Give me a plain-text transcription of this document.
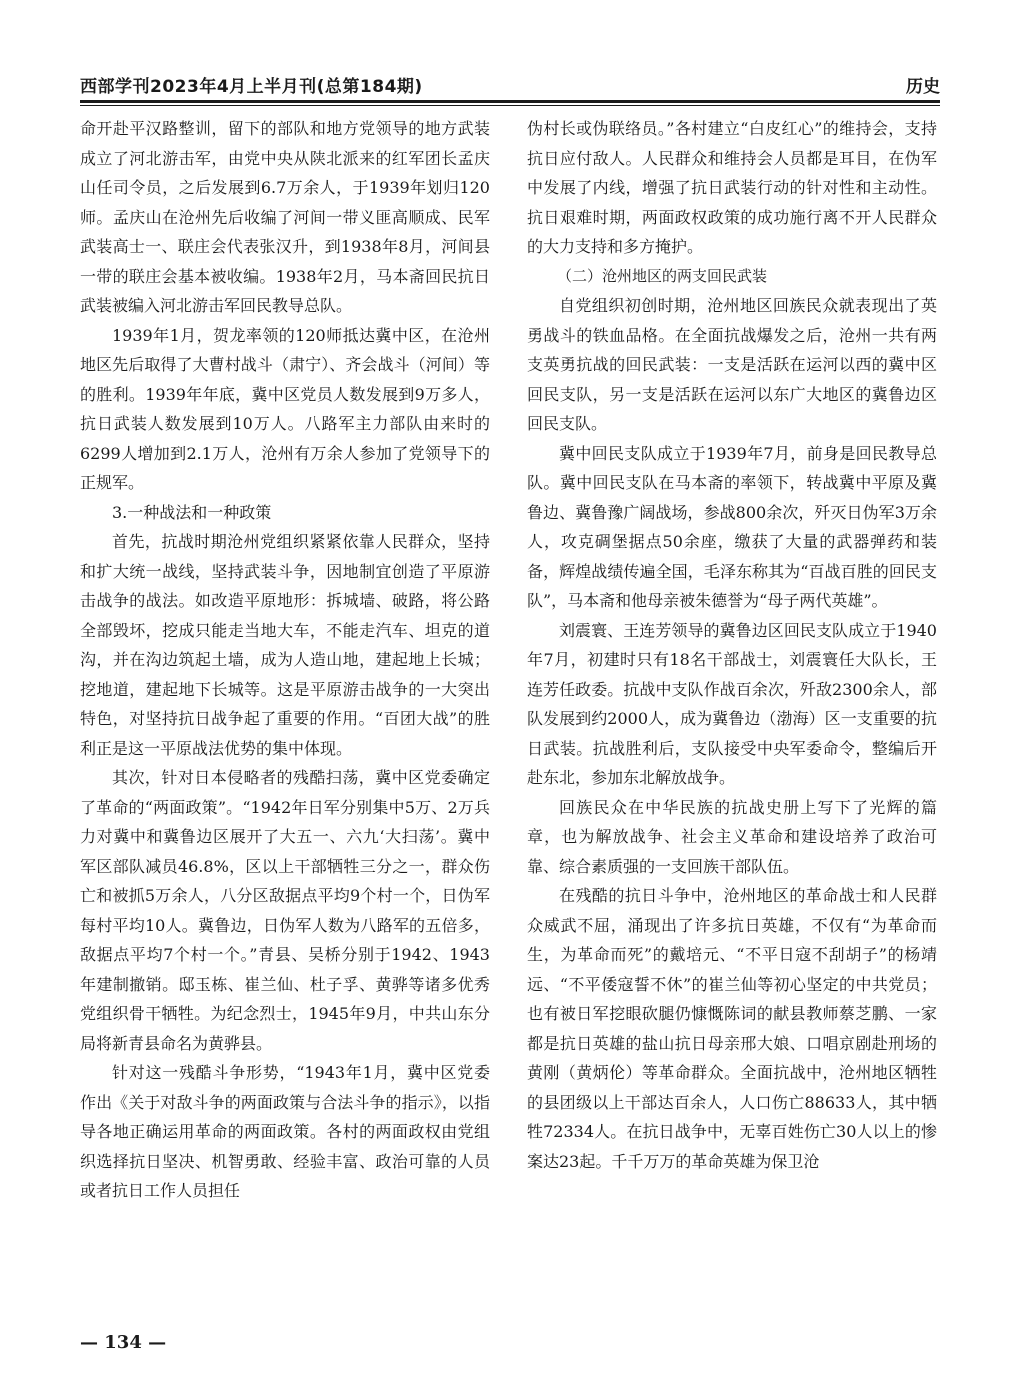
西部学刊2023年4月上半月刊(总第184期)	历史

命开赴平汉路整训，留下的部队和地方党领导的地方武装成立了河北游击军，由党中央从陕北派来的红军团长孟庆山任司令员，之后发展到6.7万余人，于1939年划归120师。孟庆山在沧州先后收编了河间一带义匪高顺成、民军武装高士一、联庄会代表张汉升，到1938年8月，河间县一带的联庄会基本被收编。1938年2月，马本斋回民抗日武装被编入河北游击军回民教导总队。

1939年1月，贺龙率领的120师抵达冀中区，在沧州地区先后取得了大曹村战斗（肃宁）、齐会战斗（河间）等的胜利。1939年年底，冀中区党员人数发展到9万多人，抗日武装人数发展到10万人。八路军主力部队由来时的6299人增加到2.1万人，沧州有万余人参加了党领导下的正规军。

3.一种战法和一种政策

首先，抗战时期沧州党组织紧紧依靠人民群众，坚持和扩大统一战线，坚持武装斗争，因地制宜创造了平原游击战争的战法。如改造平原地形：拆城墙、破路，将公路全部毁坏，挖成只能走当地大车，不能走汽车、坦克的道沟，并在沟边筑起土墙，成为人造山地，建起地上长城；挖地道，建起地下长城等。这是平原游击战争的一大突出特色，对坚持抗日战争起了重要的作用。“百团大战”的胜利正是这一平原战法优势的集中体现。

其次，针对日本侵略者的残酷扫荡，冀中区党委确定了革命的“两面政策”。“1942年日军分别集中5万、2万兵力对冀中和冀鲁边区展开了大五一、六九‘大扫荡’。冀中军区部队减员46.8%，区以上干部牺牲三分之一，群众伤亡和被抓5万余人，八分区敌据点平均9个村一个，日伪军每村平均10人。冀鲁边，日伪军人数为八路军的五倍多，敌据点平均7个村一个。”青县、吴桥分别于1942、1943年建制撤销。邸玉栋、崔兰仙、杜子孚、黄骅等诸多优秀党组织骨干牺牲。为纪念烈士，1945年9月，中共山东分局将新青县命名为黄骅县。

针对这一残酷斗争形势，“1943年1月，冀中区党委作出《关于对敌斗争的两面政策与合法斗争的指示》，以指导各地正确运用革命的两面政策。各村的两面政权由党组织选择抗日坚决、机智勇敢、经验丰富、政治可靠的人员或者抗日工作人员担任

伪村长或伪联络员。”各村建立“白皮红心”的维持会，支持抗日应付敌人。人民群众和维持会人员都是耳目，在伪军中发展了内线，增强了抗日武装行动的针对性和主动性。抗日艰难时期，两面政权政策的成功施行离不开人民群众的大力支持和多方掩护。

（二）沧州地区的两支回民武装

自党组织初创时期，沧州地区回族民众就表现出了英勇战斗的铁血品格。在全面抗战爆发之后，沧州一共有两支英勇抗战的回民武装：一支是活跃在运河以西的冀中区回民支队，另一支是活跃在运河以东广大地区的冀鲁边区回民支队。

冀中回民支队成立于1939年7月，前身是回民教导总队。冀中回民支队在马本斋的率领下，转战冀中平原及冀鲁边、冀鲁豫广阔战场，参战800余次，歼灭日伪军3万余人，攻克碉堡据点50余座，缴获了大量的武器弹药和装备，辉煌战绩传遍全国，毛泽东称其为“百战百胜的回民支队”，马本斋和他母亲被朱德誉为“母子两代英雄”。

刘震寰、王连芳领导的冀鲁边区回民支队成立于1940年7月，初建时只有18名干部战士，刘震寰任大队长，王连芳任政委。抗战中支队作战百余次，歼敌2300余人，部队发展到约2000人，成为冀鲁边（渤海）区一支重要的抗日武装。抗战胜利后，支队接受中央军委命令，整编后开赴东北，参加东北解放战争。

回族民众在中华民族的抗战史册上写下了光辉的篇章，也为解放战争、社会主义革命和建设培养了政治可靠、综合素质强的一支回族干部队伍。

在残酷的抗日斗争中，沧州地区的革命战士和人民群众威武不屈，涌现出了许多抗日英雄，不仅有“为革命而生，为革命而死”的戴培元、“不平日寇不刮胡子”的杨靖远、“不平倭寇誓不休”的崔兰仙等初心坚定的中共党员；也有被日军挖眼砍腿仍慷慨陈词的献县教师蔡芝鹏、一家都是抗日英雄的盐山抗日母亲邢大娘、口唱京剧赴刑场的黄刚（黄炳伦）等革命群众。全面抗战中，沧州地区牺牲的县团级以上干部达百余人，人口伤亡88633人，其中牺牲72334人。在抗日战争中，无辜百姓伤亡30人以上的惨案达23起。千千万万的革命英雄为保卫沧

— 134 —
